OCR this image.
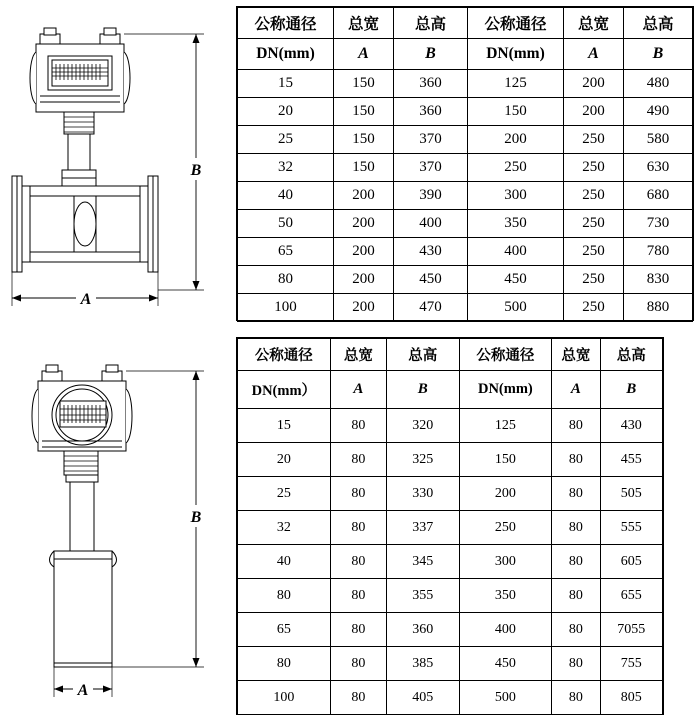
B
A
B
A
公称通径	总宽	总高	公称通径	总宽	总高
DN(mm)	A	B	DN(mm)	A	B
15	150	360	125	200	480
20	150	360	150	200	490
25	150	370	200	250	580
32	150	370	250	250	630
40	200	390	300	250	680
50	200	400	350	250	730
65	200	430	400	250	780
80	200	450	450	250	830
100	200	470	500	250	880
公称通径	总宽	总高	公称通径	总宽	总高
DN(mm）	A	B	DN(mm)	A	B
15	80	320	125	80	430
20	80	325	150	80	455
25	80	330	200	80	505
32	80	337	250	80	555
40	80	345	300	80	605
80	80	355	350	80	655
65	80	360	400	80	7055
80	80	385	450	80	755
100	80	405	500	80	805
